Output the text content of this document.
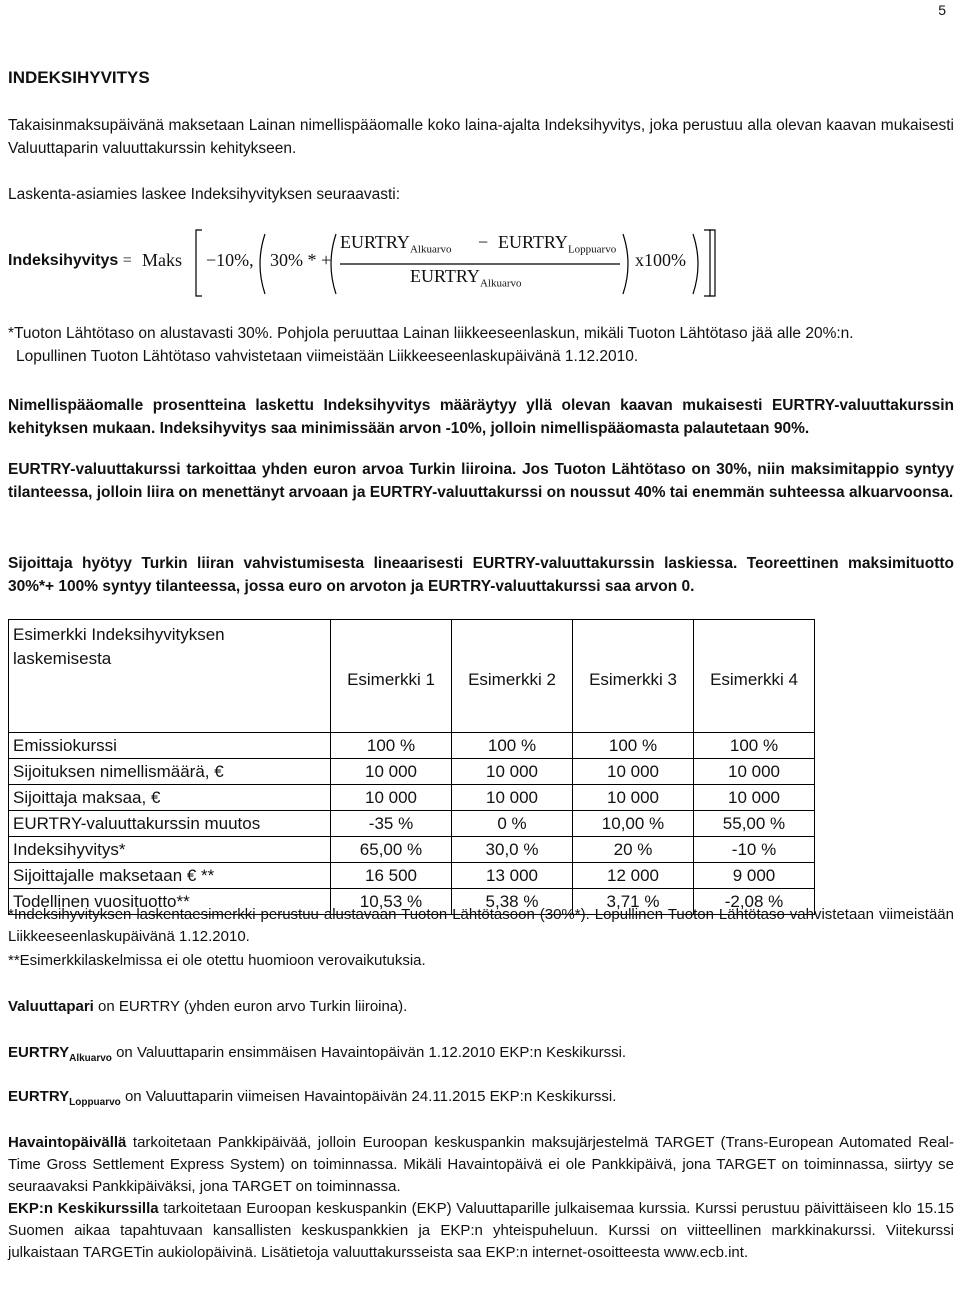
5
INDEKSIHYVITYS
Takaisinmaksupäivänä maksetaan Lainan nimellispääomalle koko laina-ajalta Indeksihyvitys, joka perustuu alla olevan kaavan mukaisesti Valuuttaparin valuuttakurssin kehitykseen.
Laskenta-asiamies laskee Indeksihyvityksen seuraavasti:
Indeksihyvitys = Maks −10%, 30% * +
$EURTRY_{Alkuarvo}$ − $EURTRY_{Loppuarvo}$
$EURTRY_{Alkuarvo}$
x100%
*Tuoton Lähtötaso on alustavasti 30%. Pohjola peruuttaa Lainan liikkeeseenlaskun, mikäli Tuoton Lähtötaso jää alle 20%:n.
Lopullinen Tuoton Lähtötaso vahvistetaan viimeistään Liikkeeseenlaskupäivänä 1.12.2010.
Nimellispääomalle prosentteina laskettu Indeksihyvitys määräytyy yllä olevan kaavan mukaisesti EURTRY-valuuttakurssin kehityksen mukaan. Indeksihyvitys saa minimissään arvon -10%, jolloin nimellispääomasta palautetaan 90%.
EURTRY-valuuttakurssi tarkoittaa yhden euron arvoa Turkin liiroina. Jos Tuoton Lähtötaso on 30%, niin maksimitappio syntyy tilanteessa, jolloin liira on menettänyt arvoaan ja EURTRY-valuuttakurssi on noussut 40% tai enemmän suhteessa alkuarvoonsa.
Sijoittaja hyötyy Turkin liiran vahvistumisesta lineaarisesti EURTRY-valuuttakurssin laskiessa. Teoreettinen maksimituotto 30%*+ 100% syntyy tilanteessa, jossa euro on arvoton ja EURTRY-valuuttakurssi saa arvon 0.
Esimerkki Indeksihyvityksen laskemisesta	Esimerkki 1	Esimerkki 2	Esimerkki 3	Esimerkki 4

Emissiokurssi	100 %	100 %	100 %	100 %
Sijoituksen nimellismäärä, €	10 000	10 000	10 000	10 000
Sijoittaja maksaa, €	10 000	10 000	10 000	10 000
EURTRY-valuuttakurssin muutos	-35 %	0 %	10,00 %	55,00 %
Indeksihyvitys*	65,00 %	30,0 %	20 %	-10 %
Sijoittajalle maksetaan € **	16 500	13 000	12 000	9 000
Todellinen vuosituotto**	10,53 %	5,38 %	3,71 %	-2,08 %
*Indeksihyvityksen laskentaesimerkki perustuu alustavaan Tuoton Lähtötasoon (30%*). Lopullinen Tuoton Lähtötaso vahvistetaan viimeistään Liikkeeseenlaskupäivänä 1.12.2010.
**Esimerkkilaskelmissa ei ole otettu huomioon verovaikutuksia.
Valuuttapari on EURTRY (yhden euron arvo Turkin liiroina).
$EURTRY_{Alkuarvo}$ on Valuuttaparin ensimmäisen Havaintopäivän 1.12.2010 EKP:n Keskikurssi.
$EURTRY_{Loppuarvo}$ on Valuuttaparin viimeisen Havaintopäivän 24.11.2015 EKP:n Keskikurssi.
Havaintopäivällä tarkoitetaan Pankkipäivää, jolloin Euroopan keskuspankin maksujärjestelmä TARGET (Trans-European Automated Real-Time Gross Settlement Express System) on toiminnassa. Mikäli Havaintopäivä ei ole Pankkipäivä, jona TARGET on toiminnassa, siirtyy se seuraavaksi Pankkipäiväksi, jona TARGET on toiminnassa.
EKP:n Keskikurssilla tarkoitetaan Euroopan keskuspankin (EKP) Valuuttaparille julkaisemaa kurssia. Kurssi perustuu päivittäiseen klo 15.15 Suomen aikaa tapahtuvaan kansallisten keskuspankkien ja EKP:n yhteispuheluun. Kurssi on viitteellinen markkinakurssi. Viitekurssi julkaistaan TARGETin aukiolopäivinä. Lisätietoja valuuttakursseista saa EKP:n internet-osoitteesta www.ecb.int.
